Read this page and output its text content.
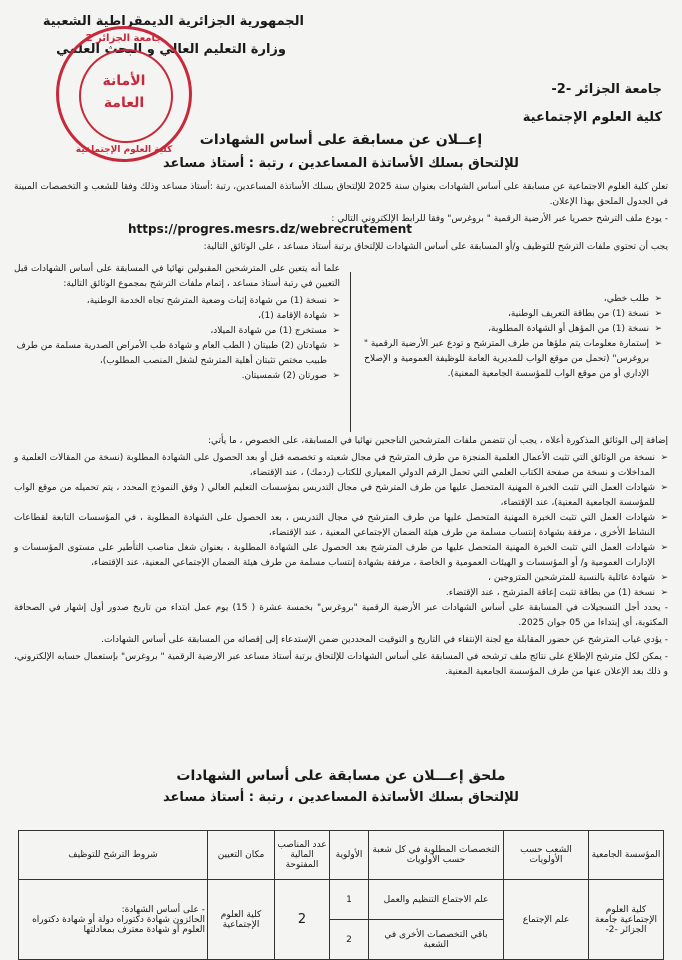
الجمهورية الجزائرية الديمقراطية الشعبية
وزارة التعليم العالي و البحث العلمي
جامعة الجزائر -2-
كلية العلوم الإجتماعية
جامعة الجزائر 2
الأمانة
العامة
كلية العلوم الإجتماعية
إعــلان عن مسابقة على أساس الشهادات
للإلتحاق بسلك الأساتذة المساعدين ، رتبة : أستاذ مساعد

تعلن كلية العلوم الاجتماعية عن مسابقة على أساس الشهادات بعنوان سنة 2025 للإلتحاق بسلك الأساتذة المساعدين، رتبة :أستاذ مساعد وذلك وفقا للشعب و التخصصات المبينة في الجدول الملحق بهذا الإعلان.

- يودع ملف الترشح حصريا عبر الأرضية الرقمية " بروغرس" وفقا للرابط الإلكتروني التالي :

https://progres.mesrs.dz/webrecrutement

يجب أن تحتوي ملفات الترشح للتوظيف و/أو المسابقة على أساس الشهادات للإلتحاق برتبة أستاذ مساعد ، على الوثائق التالية:

➢ طلب خطي،
➢ نسخة (1) من بطاقة التعريف الوطنية،
➢ نسخة (1) من المؤهل أو الشهادة المطلوبة،
➢ إستمارة معلومات يتم ملؤها من طرف المترشح و تودع عبر الأرضية الرقمية " بروغرس" (تحمل من موقع الواب للمديرية العامة للوظيفة العمومية و الإصلاح الإداري أو من موقع الواب للمؤسسة الجامعية المعنية).
علما أنه يتعين على المترشحين المقبولين نهائيا في المسابقة على أساس الشهادات قبل التعيين في رتبة أستاذ مساعد ، إتمام ملفات الترشح بمجموع الوثائق التالية:
➢ نسخة (1) من شهادة إثبات وضعية المترشح تجاه الخدمة الوطنية،
➢ شهادة الإقامة (1)،
➢ مستخرج (1) من شهادة الميلاد،
➢ شهادتان (2) طبيتان ( الطب العام و شهادة طب الأمراض الصدرية مسلمة من طرف طبيب مختص تثبتان أهلية المترشح لشغل المنصب المطلوب)،
➢ صورتان (2) شمسيتان.

إضافة إلى الوثائق المذكورة أعلاه ، يجب أن تتضمن ملفات المترشحين الناجحين نهائيا في المسابقة، على الخصوص ، ما يأتي:

➢ نسخة من الوثائق التي تثبت الأعمال العلمية المنجزة من طرف المترشح في مجال شعبته و تخصصه قبل أو بعد الحصول على الشهادة المطلوبة (نسخة من المقالات العلمية و المداخلات و نسخة من صفحة الكتاب العلمي التي تحمل الرقم الدولي المعياري للكتاب (ردمك) ، عند الإقتضاء،
➢ شهادات العمل التي تثبت الخبرة المهنية المتحصل عليها من طرف المترشح في مجال التدريس بمؤسسات التعليم العالي ( وفق النموذج المحدد ، يتم تحميله من موقع الواب للمؤسسة الجامعية المعنية)، عند الإقتضاء،
➢ شهادات العمل التي تثبت الخبرة المهنية المتحصل عليها من طرف المترشح في مجال التدريس ، بعد الحصول على الشهادة المطلوبة ، في المؤسسات التابعة لقطاعات النشاط الأخرى ، مرفقة بشهادة إنتساب مسلمة من طرف هيئة الضمان الإجتماعي المعنية ، عند الإقتضاء،
➢ شهادات العمل التي تثبت الخبرة المهنية المتحصل عليها من طرف المترشح بعد الحصول على الشهادة المطلوبة ، بعنوان شغل مناصب التأطير على مستوى المؤسسات و الإدارات العمومية و/ أو المؤسسات و الهيئات العمومية و الخاصة ، مرفقة بشهادة إنتساب مسلمة من طرف هيئة الضمان الإجتماعي المعنية، عند الإقتضاء،
➢ شهادة عائلية بالنسبة للمترشحين المتزوجين ،
➢ نسخة (1) من بطاقة تثبت إعاقة المترشح ، عند الإقتضاء.

- يحدد أجل التسجيلات في المسابقة على أساس الشهادات عبر الأرضية الرقمية "بروغرس" بخمسة عشرة ( 15) يوم عمل ابتداء من تاريخ صدور أول إشهار في الصحافة المكتوبة، أي إبتداءا من 05 جوان 2025.

- يؤدي غياب المترشح عن حضور المقابلة مع لجنة الإنتقاء في التاريخ و التوقيت المحددين ضمن الإستدعاء إلى إقصائه من المسابقة على أساس الشهادات.

- يمكن لكل مترشح الإطلاع على نتائج ملف ترشحه في المسابقة على أساس الشهادات للإلتحاق برتبة أستاذ مساعد عبر الارضية الرقمية " بروغرس" بإستعمال حسابه الإلكتروني، و ذلك بعد الإعلان عنها من طرف المؤسسة الجامعية المعنية.

ملحق إعـــلان عن مسابقة على أساس الشهادات
للإلتحاق بسلك الأساتذة المساعدين ، رتبة : أستاذ مساعد
المؤسسة الجامعية	الشعب حسب الأولويات	التخصصات المطلوبة في كل شعبة حسب الأولويات	الأولوية	عدد المناصب المالية المفتوحة	مكان التعيين	شروط الترشح للتوظيف
كلية العلوم الإجتماعية جامعة الجزائر -2-	علم الإجتماع	علم الاجتماع التنظيم والعمل	1	2	كلية العلوم الإجتماعية	- على أساس الشهادة:
الحائزون شهادة دكتوراه دولة أو شهادة دكتوراه العلوم أو شهادة معترف بمعادلتها

		باقي التخصصات الأخرى في الشعبة	2			
